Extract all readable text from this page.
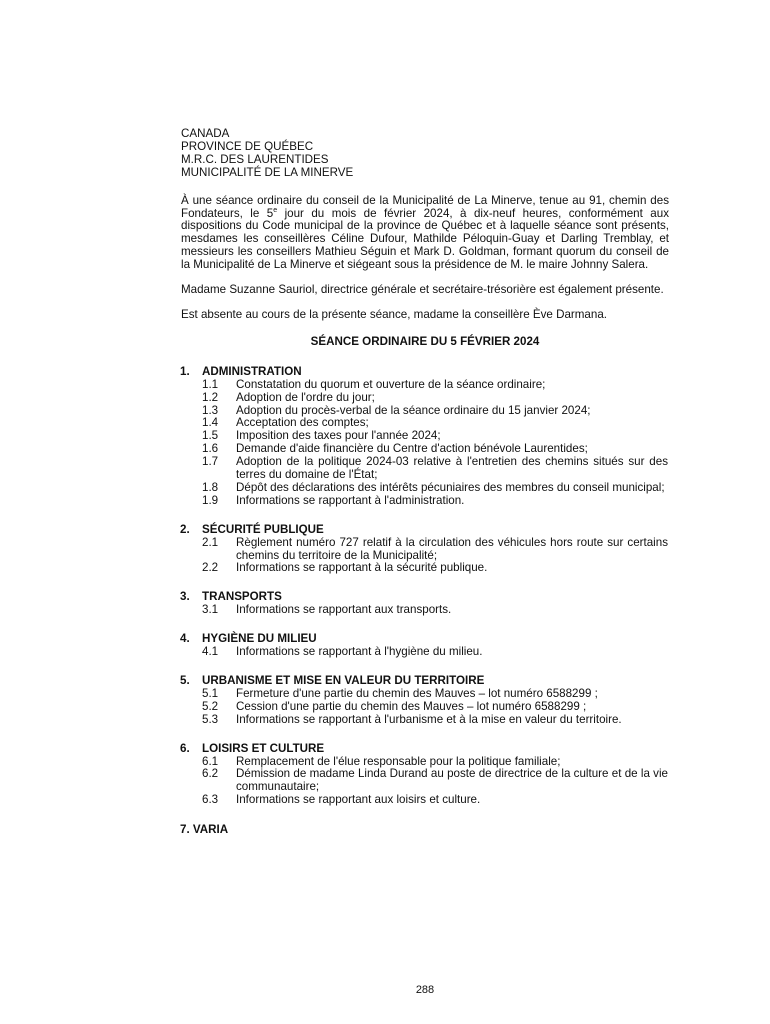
CANADA
PROVINCE DE QUÉBEC
M.R.C. DES LAURENTIDES
MUNICIPALITÉ DE LA MINERVE

À une séance ordinaire du conseil de la Municipalité de La Minerve, tenue au 91, chemin des Fondateurs, le 5e jour du mois de février 2024, à dix-neuf heures, conformément aux dispositions du Code municipal de la province de Québec et à laquelle séance sont présents, mesdames les conseillères Céline Dufour, Mathilde Péloquin-Guay et Darling Tremblay, et messieurs les conseillers Mathieu Séguin et Mark D. Goldman, formant quorum du conseil de la Municipalité de La Minerve et siégeant sous la présidence de M. le maire Johnny Salera.

Madame Suzanne Sauriol, directrice générale et secrétaire-trésorière est également présente.

Est absente au cours de la présente séance, madame la conseillère Ève Darmana.

SÉANCE ORDINAIRE DU 5 FÉVRIER 2024
1.	ADMINISTRATION
1.1	Constatation du quorum et ouverture de la séance ordinaire;
1.2	Adoption de l'ordre du jour;
1.3	Adoption du procès-verbal de la séance ordinaire du 15 janvier 2024;
1.4	Acceptation des comptes;
1.5	Imposition des taxes pour l'année 2024;
1.6	Demande d'aide financière du Centre d'action bénévole Laurentides;
1.7	Adoption de la politique 2024-03 relative à l'entretien des chemins situés sur des terres du domaine de l'État;
1.8	Dépôt des déclarations des intérêts pécuniaires des membres du conseil municipal;
1.9	Informations se rapportant à l'administration.
2.	SÉCURITÉ PUBLIQUE
2.1	Règlement numéro 727 relatif à la circulation des véhicules hors route sur certains chemins du territoire de la Municipalité;
2.2	Informations se rapportant à la sécurité publique.
3.	TRANSPORTS
3.1	Informations se rapportant aux transports.
4.	HYGIÈNE DU MILIEU
4.1	Informations se rapportant à l'hygiène du milieu.
5.	URBANISME ET MISE EN VALEUR DU TERRITOIRE
5.1	Fermeture d'une partie du chemin des Mauves – lot numéro 6588299 ;
5.2	Cession d'une partie du chemin des Mauves – lot numéro 6588299 ;
5.3	Informations se rapportant à l'urbanisme et à la mise en valeur du territoire.
6.	LOISIRS ET CULTURE
6.1	Remplacement de l'élue responsable pour la politique familiale;
6.2	Démission de madame Linda Durand au poste de directrice de la culture et de la vie communautaire;
6.3	Informations se rapportant aux loisirs et culture.
7. VARIA
288
